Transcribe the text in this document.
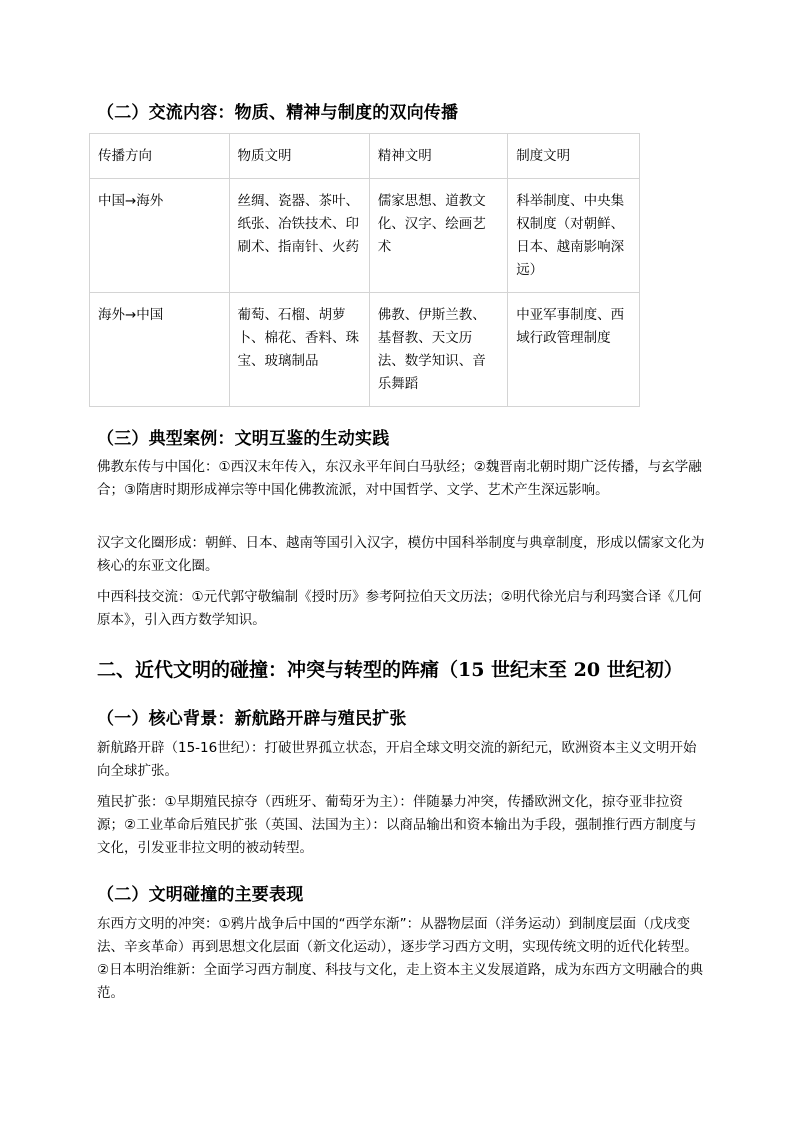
（二）交流内容：物质、精神与制度的双向传播
传播方向	物质文明	精神文明	制度文明
中国→海外	丝绸、瓷器、茶叶、纸张、冶铁技术、印刷术、指南针、火药	儒家思想、道教文化、汉字、绘画艺术	科举制度、中央集权制度（对朝鲜、日本、越南影响深远）
海外→中国	葡萄、石榴、胡萝卜、棉花、香料、珠宝、玻璃制品	佛教、伊斯兰教、基督教、天文历法、数学知识、音乐舞蹈	中亚军事制度、西域行政管理制度
（三）典型案例：文明互鉴的生动实践

佛教东传与中国化：①西汉末年传入，东汉永平年间白马驮经；②魏晋南北朝时期广泛传播，与玄学融合；③隋唐时期形成禅宗等中国化佛教流派，对中国哲学、文学、艺术产生深远影响。

汉字文化圈形成：朝鲜、日本、越南等国引入汉字，模仿中国科举制度与典章制度，形成以儒家文化为核心的东亚文化圈。

中西科技交流：①元代郭守敬编制《授时历》参考阿拉伯天文历法；②明代徐光启与利玛窦合译《几何原本》，引入西方数学知识。

二、近代文明的碰撞：冲突与转型的阵痛（15 世纪末至 20 世纪初）
（一）核心背景：新航路开辟与殖民扩张

新航路开辟（15-16世纪）：打破世界孤立状态，开启全球文明交流的新纪元，欧洲资本主义文明开始向全球扩张。

殖民扩张：①早期殖民掠夺（西班牙、葡萄牙为主）：伴随暴力冲突，传播欧洲文化，掠夺亚非拉资源；②工业革命后殖民扩张（英国、法国为主）：以商品输出和资本输出为手段，强制推行西方制度与文化，引发亚非拉文明的被动转型。

（二）文明碰撞的主要表现

东西方文明的冲突：①鸦片战争后中国的“西学东渐”：从器物层面（洋务运动）到制度层面（戊戌变法、辛亥革命）再到思想文化层面（新文化运动），逐步学习西方文明，实现传统文明的近代化转型。②日本明治维新：全面学习西方制度、科技与文化，走上资本主义发展道路，成为东西方文明融合的典范。
